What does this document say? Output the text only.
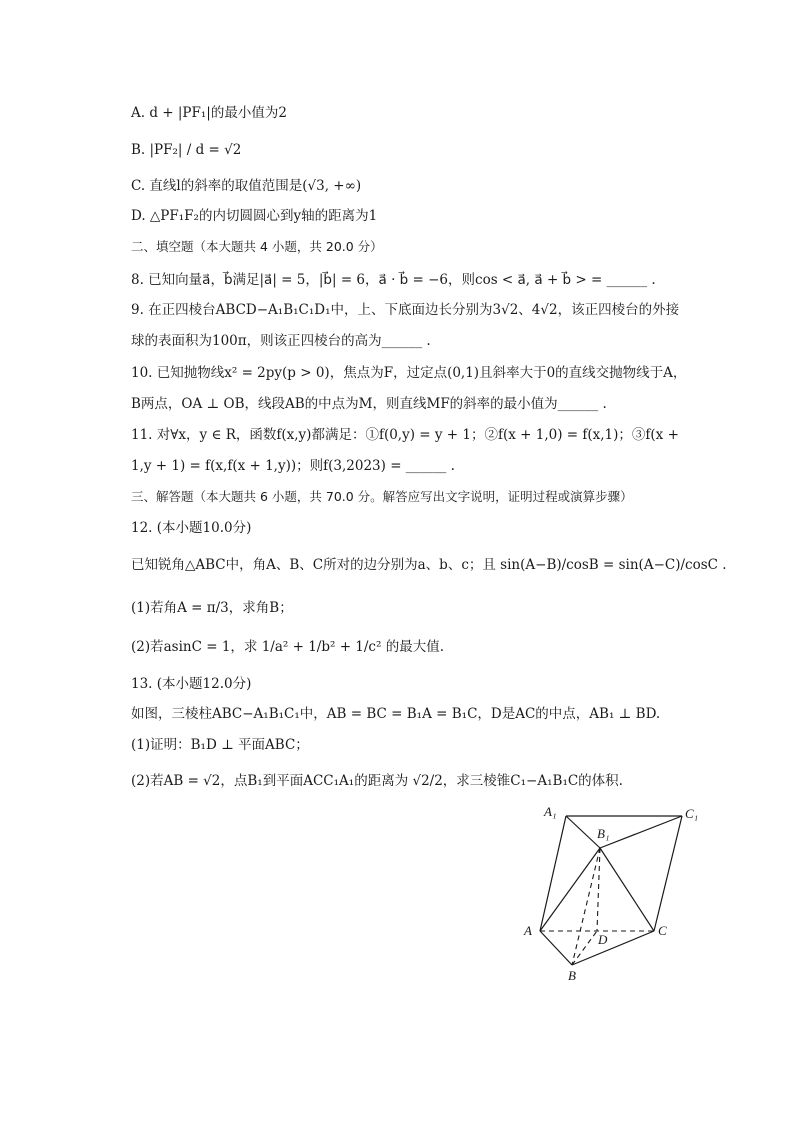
A. d + |PF₁|的最小值为2
B. |PF₂| / d = √2
C. 直线l的斜率的取值范围是(√3, +∞)
D. △PF₁F₂的内切圆圆心到y轴的距离为1
二、填空题（本大题共 4 小题，共 20.0 分）
8. 已知向量a⃗，b⃗满足|a⃗| = 5，|b⃗| = 6，a⃗ · b⃗ = −6，则cos < a⃗, a⃗ + b⃗ > = ______ .
9. 在正四棱台ABCD−A₁B₁C₁D₁中，上、下底面边长分别为3√2、4√2，该正四棱台的外接
球的表面积为100π，则该正四棱台的高为______ .
10. 已知抛物线x² = 2py(p > 0)，焦点为F，过定点(0,1)且斜率大于0的直线交抛物线于A，
B两点，OA ⊥ OB，线段AB的中点为M，则直线MF的斜率的最小值为______ .
11. 对∀x，y ∈ R，函数f(x,y)都满足：①f(0,y) = y + 1；②f(x + 1,0) = f(x,1)；③f(x +
1,y + 1) = f(x,f(x + 1,y))；则f(3,2023) = ______ .
三、解答题（本大题共 6 小题，共 70.0 分。解答应写出文字说明，证明过程或演算步骤）
12. (本小题10.0分)
已知锐角△ABC中，角A、B、C所对的边分别为a、b、c；且 sin(A−B)/cosB = sin(A−C)/cosC .
(1)若角A = π/3，求角B；
(2)若asinC = 1，求 1/a² + 1/b² + 1/c² 的最大值.
13. (本小题12.0分)
如图，三棱柱ABC−A₁B₁C₁中，AB = BC = B₁A = B₁C，D是AC的中点，AB₁ ⊥ BD.
(1)证明：B₁D ⊥ 平面ABC；
(2)若AB = √2，点B₁到平面ACC₁A₁的距离为 √2/2，求三棱锥C₁−A₁B₁C的体积.
A₁	C₁
B₁
A	C
D
B
